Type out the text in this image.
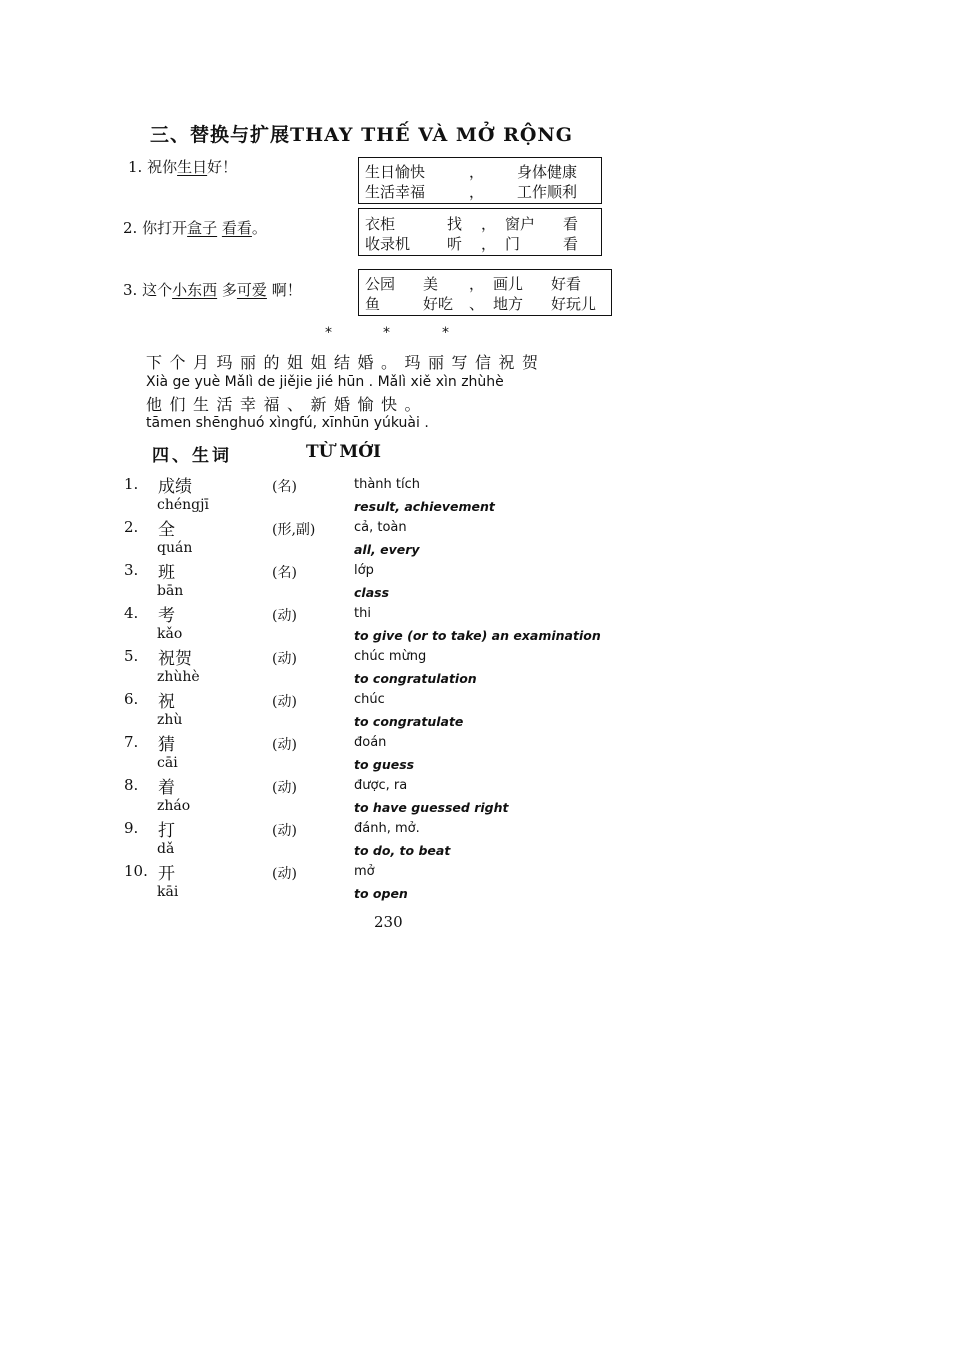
三、替换与扩展THAY THẾ VÀ MỞ RỘNG
1. 祝你生日好！	生日愉快	， 身体健康
生活幸福	， 工作顺利
2. 你打开盒子 看看。	衣柜	找 ， 窗户 看
收录机 听 ， 门	看
3. 这个小东西 多可爱 啊！	公园 美 ， 画儿 好看
鱼	好吃 、 地方 好玩儿
*	*	*
下个月玛丽的姐姐结婚。玛丽写信祝贺
Xià ge yuè Mǎlì de jiějie jié hūn . Mǎlì xiě xìn zhùhè
他们生活幸福、新婚愉快。
tāmen shēnghuó xìngfú, xīnhūn yúkuài .
四、生词	TỪ MỚI
1. 成绩	(名)	thành tích
chéngjī	result, achievement
2. 全	(形,副)	cả, toàn
quán	all, every
3. 班	(名)	lớp
bān	class
4. 考	(动)	thi
kǎo	to give (or to take) an examination
5. 祝贺	(动)	chúc mừng
zhùhè	to congratulation
6. 祝	(动)	chúc
zhù	to congratulate
7. 猜	(动)	đoán
cāi	to guess
8. 着	(动)	được, ra
zháo	to have guessed right
9. 打	(动)	đánh, mở.
dǎ	to do, to beat
10. 开	(动)	mở
kāi	to open
230
